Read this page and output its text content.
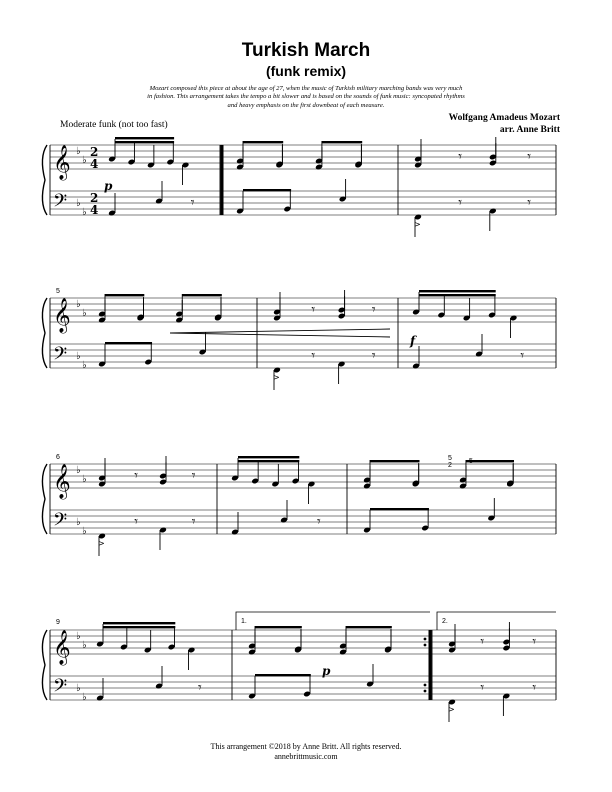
Turkish March
(funk remix)
Mozart composed this piece at about the age of 27, when the music of Turkish military marching bands was very much
in fashion. This arrangement takes the tempo a bit slower and is based on the sounds of funk music: syncopated rhythms
and heavy emphasis on the first downbeat of each measure.
Wolfgang Amadeus Mozart
arr. Anne Britt
Moderate funk (not too fast)
𝄞
𝄢
♭
♭
♭
♭
2
4
2
4	𝄾
𝄾	𝄾
>
𝄾	𝄾
𝄞
𝄢
♭
♭
♭
♭
𝄾	𝄾
>
𝄾	𝄾	𝄾
𝄞
𝄢
♭
♭
♭
♭
𝄾	𝄾
>
𝄾	𝄾	𝄾
𝄞
𝄢
♭
♭
♭
♭
𝄾
𝄾	𝄾
>
𝄾	𝄾
p
f
p
5
6
9	1.	2.
5
2
5
This arrangement ©2018 by Anne Britt. All rights reserved.
annebrittmusic.com
